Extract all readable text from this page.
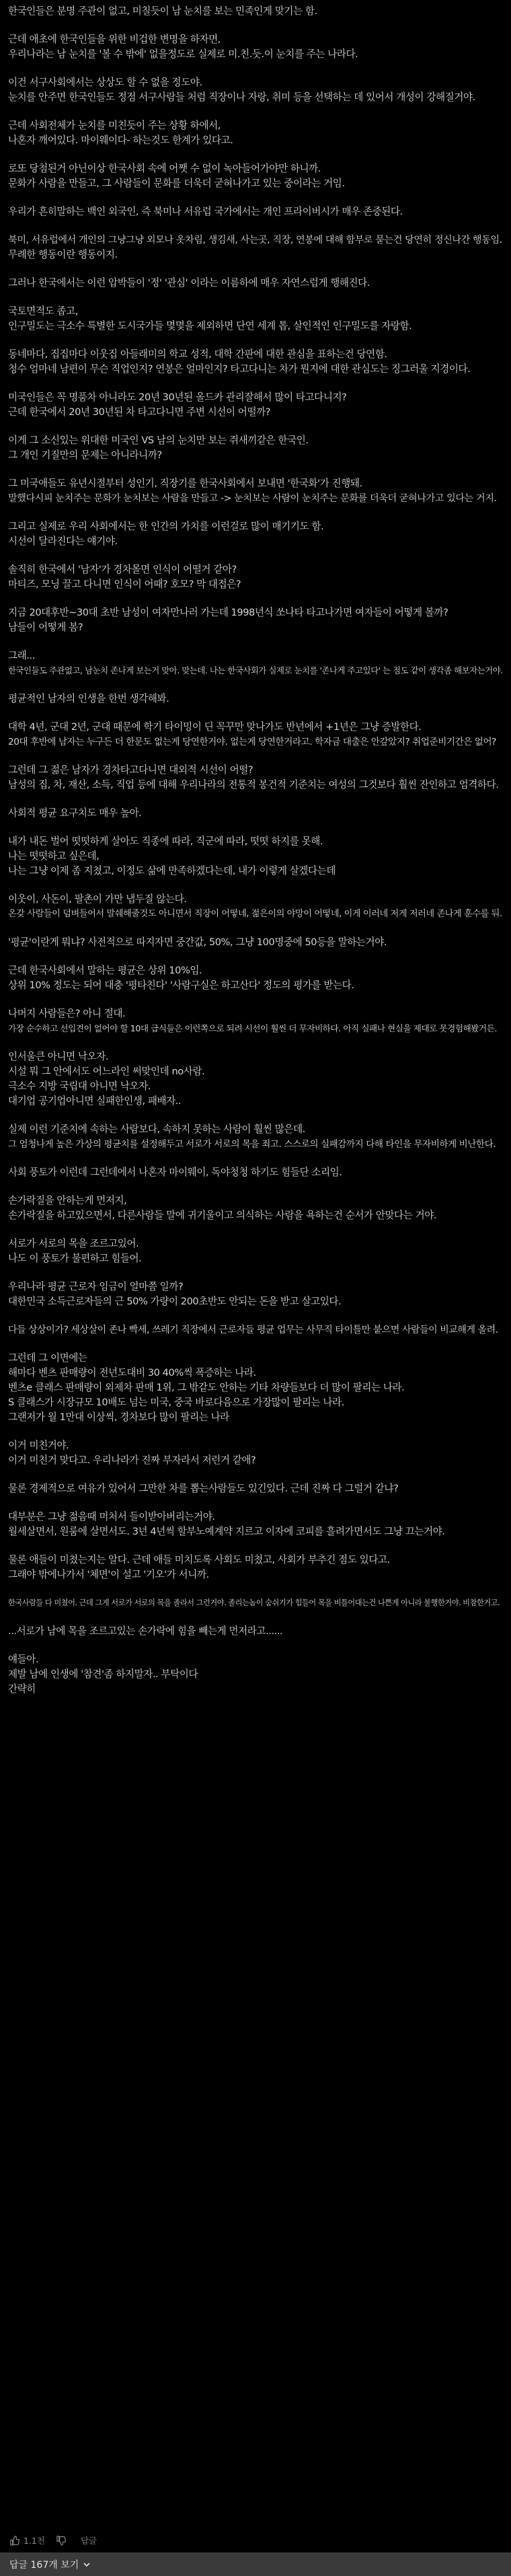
한국인들은 분명 주관이 없고, 미칠듯이 남 눈치를 보는 민족인게 맞기는 함.
근데 애초에 한국인들을 위한 비겁한 변명을 하자면,
우리나라는 남 눈치를 '볼 수 밖에' 없을정도로 실제로 미.친.듯.이 눈치를 주는 나라다.
이건 서구사회에서는 상상도 할 수 없을 정도야.
눈치를 안주면 한국인들도 정점 서구사람들 처럼 직장이나 자랑, 취미 등을 선택하는 데 있어서 개성이 강해질거야.
근데 사회전체가 눈치를 미친듯이 주는 상황 하에서,
나혼자 깨어있다. 마이웨이다- 하는것도 한계가 있다고.
로또 당첨된거 아닌이상 한국사회 속에 어쨋 수 없이 녹아들어가야만 하니까.
문화가 사람을 만들고, 그 사람들이 문화를 더욱더 굳혀나가고 있는 중이라는 거임.
우리가 흔히말하는 백인 외국인, 즉 북미나 서유럽 국가에서는 개인 프라이버시가 매우 존중된다.
북미, 서유럽에서 개인의 그냥그냥 외모나 옷차림, 생김새, 사는곳, 직장, 연봉에 대해 함부로 묻는건 당연히 정신나간 행동임.
무례한 행동이란 행동이지.
그러나 한국에서는 이런 압박들이 '정' '관심' 이라는 이름하에 매우 자연스럽게 행해진다.
국토면적도 좁고,
인구밀도는 극소수 특별한 도시국가들 몇몇을 제외하면 단연 세계 톱, 살인적인 인구밀도를 자랑함.
동네마다, 집집마다 이웃집 아들래미의 학교 성적, 대학 간판에 대한 관심을 표하는건 당연함.
청수 엄마네 남편이 무슨 직업인지? 연봉은 얼마인지? 타고다니는 차가 뭔지에 대한 관심도는 징그러울 지경이다.
미국인들은 꼭 명품차 아니라도 20년 30년된 올드카 관리잘해서 많이 타고다니지?
근데 한국에서 20년 30년된 차 타고다니면 주변 시선이 어떨까?
이게 그 소신있는 위대한 미국인 VS 남의 눈치만 보는 쥐새끼같은 한국인.
그 개인 기질만의 문제는 아니라니까?
그 미국애들도 유년시절부터 성인기, 직장기를 한국사회에서 보내면 '한국화'가 진행돼.
말했다시피 눈치주는 문화가 눈치보는 사람을 만들고 -> 눈치보는 사람이 눈치주는 문화를 더욱더 굳혀나가고 있다는 거지.
그리고 실제로 우리 사회에서는 한 인간의 가치를 이런걸로 많이 매기기도 함.
시선이 달라진다는 얘기야.
솔직히 한국에서 '남자'가 경차몰면 인식이 어떨거 같아?
마티즈, 모닝 끌고 다니면 인식이 어때? 호모? 막 대접은?
지금 20대후반~30대 초반 남성이 여자만나러 가는데 1998년식 쏘나타 타고나가면 여자들이 어떻게 볼까?
남들이 어떻게 봄?
그래...
한국인들도 주관없고, 남눈치 존나게 보는거 맞아. 맞는데. 나는 한국사회가 실제로 눈치를 '존나게 주고있다' 는 점도 같이 생각좀 해보자는거야.
평균적인 남자의 인생을 한번 생각해봐.
대학 4년, 군대 2년, 군대 때문에 학기 타이밍이 딘 꼭꾸만 맞나가도 반년에서 +1년은 그냥 증발한다.
20대 후반에 남자는 누구든 더 한문도 없는게 당연한거야. 없는게 당연한거라고. 학자금 대출은 안갚았지? 취업준비기간은 없어?
그런데 그 젊은 남자가 경차타고다니면 대외적 시선이 어떨?
남성의 집, 차, 재산, 소득, 직업 등에 대해 우리나라의 전통적 봉건적 기준치는 여성의 그것보다 훨씬 잔인하고 엄격하다.
사회적 평균 요구치도 매우 높아.
내가 내돈 벌어 떳떳하게 살아도 직종에 따라, 직군에 따라, 떳떳 하지를 못해.
나는 떳떳하고 싶은데,
나는 그냥 이제 좀 지쳤고, 이정도 삶에 만족하겠다는데, 내가 이렇게 살겠다는데
이웃이, 사돈이, 팔촌이 가만 냅두질 않는다.
온갖 사람들이 덤벼들어서 말쉐해줄것도 아니면서 직장이 어떻네, 젊은이의 야망이 어떻네, 이게 이러네 저게 저러네 존나게 훈수를 둬.
'평균'이란게 뭐냐? 사전적으로 따지자면 중간값, 50%, 그냥 100명중에 50등을 말하는거야.
근데 한국사회에서 말하는 평균은 상위 10%임.
상위 10% 정도는 되어 대충 '평타친다' '사람구실은 하고산다' 정도의 평가를 받는다.
나머지 사람들은? 아니 절대.
가장 순수하고 선입견이 없어야 할 10대 급식들은 이런쪽으로 되려 시선이 훨씬 더 무자비하다. 아직 실패나 현실을 제대로 못경험해봤거든.
인서울큰 아니면 낙오자.
시설 뭐 그 안에서도 어느라인 써맞인데 no사람.
극소수 지방 국립대 아니면 낙오자.
대기업 공기업아니면 실패한인생, 패배자..
실제 이런 기준치에 속하는 사람보다, 속하지 못하는 사람이 훨씬 많은데.
그 엄청나게 높은 가상의 평균치를 설정해두고 서로가 서로의 목을 죄고. 스스로의 실패감까지 다해 타인을 무자비하게 비난한다.
사회 풍토가 이런데 그런데에서 나혼자 마이웨이, 독야청청 하기도 힘들단 소리임.
손가락질을 안하는게 먼저지,
손가락질을 하고있으면서, 다른사람들 말에 귀기울이고 의식하는 사람을 욕하는건 순서가 안맞다는 거야.
서로가 서로의 목을 조르고있어.
나도 이 풍토가 불편하고 힘들어.
우리나라 평균 근로자 임금이 얼마쯤 일까?
대한민국 소득근로자들의 근 50% 가량이 200초반도 안되는 돈을 받고 살고있다.
다들 상상이가? 세상살이 존나 빡세, 쓰레기 직장에서 근로자들 평균 업무는 사무직 타이틀만 붙으면 사람들이 비교해게 올려.
그런데 그 이면에는
해마다 벤츠 판매량이 전년도대비 30 40%씩 폭증하는 나라.
벤츠e 클래스 판매량이 외제차 판매 1위, 그 밖같도 안하는 기타 차량들보다 더 많이 팔리는 나라.
S 클래스가 시장규모 10배도 넘는 미국, 중국 바로다음으로 가장많이 팔리는 나라.
그랜저가 월 1만대 이상씩, 경차보다 많이 팔리는 나라
이거 미친거야.
이거 미친거 맞다고. 우리나라가 진짜 부자라서 저런거 같애?
물론 경제적으로 여유가 있어서 그만한 차를 뽑는사람들도 있긴있다. 근데 진짜 다 그럴거 같냐?
대부분은 그냥 젊음때 미처서 들이받아버리는거야.
월세살면서, 원룸에 살면서도. 3년 4년씩 할부노예계약 지르고 이자에 코피를 흘려가면서도 그냥 끄는거야.
물론 애들이 미쳤는지는 알다. 근데 애들 미치도록 사회도 미쳤고, 사회가 부추긴 점도 있다고.
그래야 밖에나가서 '체면'이 설고 '기오'가 서니까.
한국사람들 다 미쳤어. 근데 그게 서로가 서로의 목을 졸라서 그런거야. 졸리는놈이 숨쉬기가 힘들어 목을 비틀어대는건 나쁜게 아니라 불행한거야. 비참한거고.
...서로가 남에 목을 조르고있는 손가락에 힘을 빼는게 먼저라고......
얘들아.
제발 남에 인생에 '참견'좀 하지말자.. 부탁이다
간략히
1.1천	답글
답글 167개 보기
